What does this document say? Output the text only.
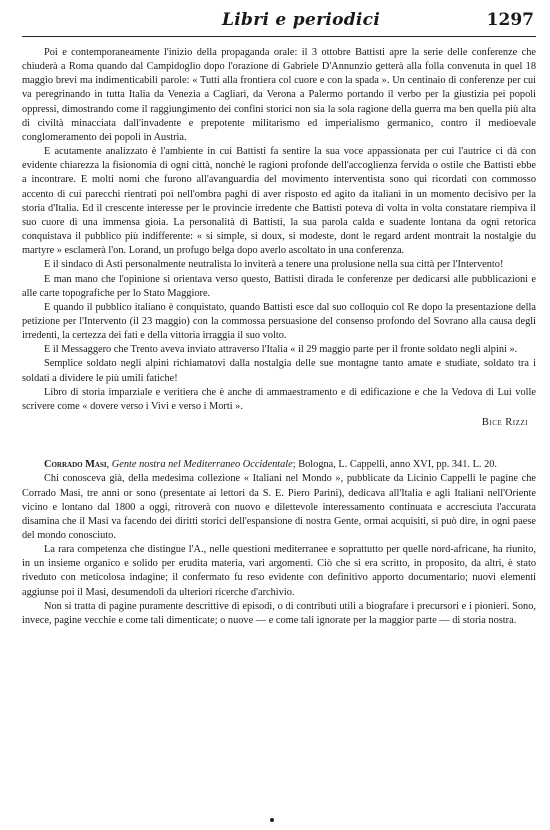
Libri e periodici	1297

Poi e contemporaneamente l'inizio della propaganda orale: il 3 ottobre Battisti apre la serie delle conferenze che chiuderà a Roma quando dal Campidoglio dopo l'orazione di Gabriele D'Annunzio getterà alla folla convenuta in quel 18 maggio brevi ma indimenticabili parole: « Tutti alla frontiera col cuore e con la spada ». Un centinaio di conferenze per cui va peregrinando in tutta Italia da Venezia a Cagliari, da Verona a Palermo portando il verbo per la giustizia pei popoli oppressi, dimostrando come il raggiungimento dei confini storici non sia la sola ragione della guerra ma ben quella più alta di civiltà minacciata dall'invadente e prepotente militarismo ed imperialismo germanico, contro il medioevale conglomeramento dei popoli in Austria.

E acutamente analizzato è l'ambiente in cui Battisti fa sentire la sua voce appassionata per cui l'autrice ci dà con evidente chiarezza la fisionomia di ogni città, nonchè le ragioni profonde dell'accoglienza fervida o ostile che Battisti ebbe a incontrare. E molti nomi che furono all'avanguardia del movimento interventista sono qui ricordati con commosso accento di cui parecchi rientrati poi nell'ombra paghi di aver risposto ed agito da italiani in un momento decisivo per la storia d'Italia. Ed il crescente interesse per le provincie irredente che Battisti poteva di volta in volta constatare riempiva il suo cuore di una immensa gioia. La personalità di Battisti, la sua parola calda e suadente lontana da ogni retorica conquistava il pubblico più indifferente: « si simple, si doux, si modeste, dont le regard ardent montrait la nostalgie du martyre » esclamerà l'on. Lorand, un profugo belga dopo averlo ascoltato in una conferenza.

E il sindaco di Asti personalmente neutralista lo inviterà a tenere una prolusione nella sua città per l'Intervento!

E man mano che l'opinione si orientava verso questo, Battisti dirada le conferenze per dedicarsi alle pubblicazioni e alle carte topografiche per lo Stato Maggiore.

E quando il pubblico italiano è conquistato, quando Battisti esce dal suo colloquio col Re dopo la presentazione della petizione per l'Intervento (il 23 maggio) con la commossa persuasione del consenso profondo del Sovrano alla causa degli irredenti, la certezza dei fati e della vittoria irraggia il suo volto.

E il Messaggero che Trento aveva inviato attraverso l'Italia « il 29 maggio parte per il fronte soldato negli alpini ».

Semplice soldato negli alpini richiamatovi dalla nostalgia delle sue montagne tanto amate e studiate, soldato tra i soldati a dividere le più umili fatiche!

Libro di storia imparziale e veritiera che è anche di ammaestramento e di edificazione e che la Vedova di Lui volle scrivere come « dovere verso i Vivi e verso i Morti ».

Bice Rizzi

Corrado Masi, Gente nostra nel Mediterraneo Occidentale; Bologna, L. Cappelli, anno XVI, pp. 341. L. 20.

Chi conosceva già, della medesima collezione « Italiani nel Mondo », pubblicate da Licinio Cappelli le pagine che Corrado Masi, tre anni or sono (presentate ai lettori da S. E. Piero Parini), dedicava all'Italia e agli Italiani nell'Oriente vicino e lontano dal 1800 a oggi, ritroverà con nuovo e dilettevole interessamento continuata e accresciuta l'accurata disamina che il Masi va facendo dei diritti storici dell'espansione di nostra Gente, ormai acquisiti, si può dire, in ogni paese del mondo conosciuto.

La rara competenza che distingue l'A., nelle questioni mediterranee e soprattutto per quelle nord-africane, ha riunito, in un insieme organico e solido per erudita materia, vari argomenti. Ciò che si era scritto, in proposito, da altri, è stato riveduto con meticolosa indagine; il confermato fu reso evidente con definitivo apporto documentario; nuovi elementi aggiunse poi il Masi, desumendoli da ulteriori ricerche d'archivio.

Non si tratta di pagine puramente descrittive di episodi, o di contributi utili a biografare i precursori e i pionieri. Sono, invece, pagine vecchie e come tali dimenticate; o nuove — e come tali ignorate per la maggior parte — di storia nostra.
